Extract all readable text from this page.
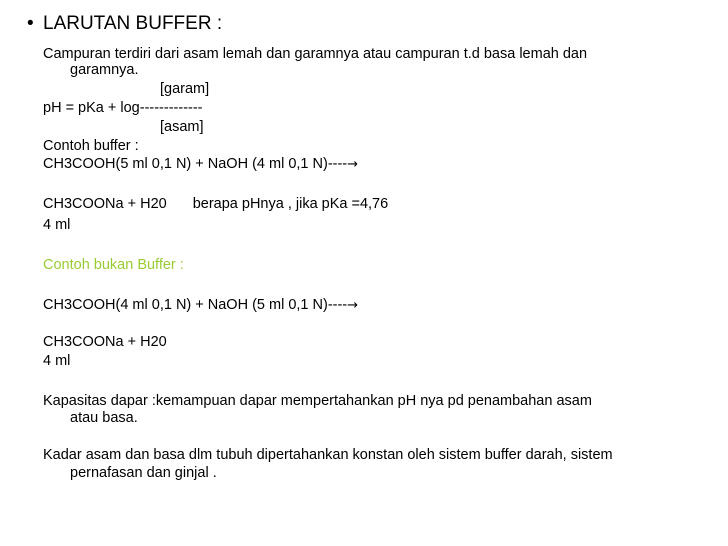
• LARUTAN BUFFER :
Campuran terdiri dari asam lemah dan garamnya atau campuran t.d basa lemah dan
garamnya.
[garam]
pH = pKa + log-------------
[asam]
Contoh buffer :
CH3COOH(5 ml 0,1 N) + NaOH (4 ml 0,1 N)----→
CH3COONa + H20 berapa pHnya , jika pKa =4,76
4 ml
Contoh bukan Buffer :
CH3COOH(4 ml 0,1 N) + NaOH (5 ml 0,1 N)----→
CH3COONa + H20
4 ml
Kapasitas dapar :kemampuan dapar mempertahankan pH nya pd penambahan asam
atau basa.
Kadar asam dan basa dlm tubuh dipertahankan konstan oleh sistem buffer darah, sistem
pernafasan dan ginjal .
